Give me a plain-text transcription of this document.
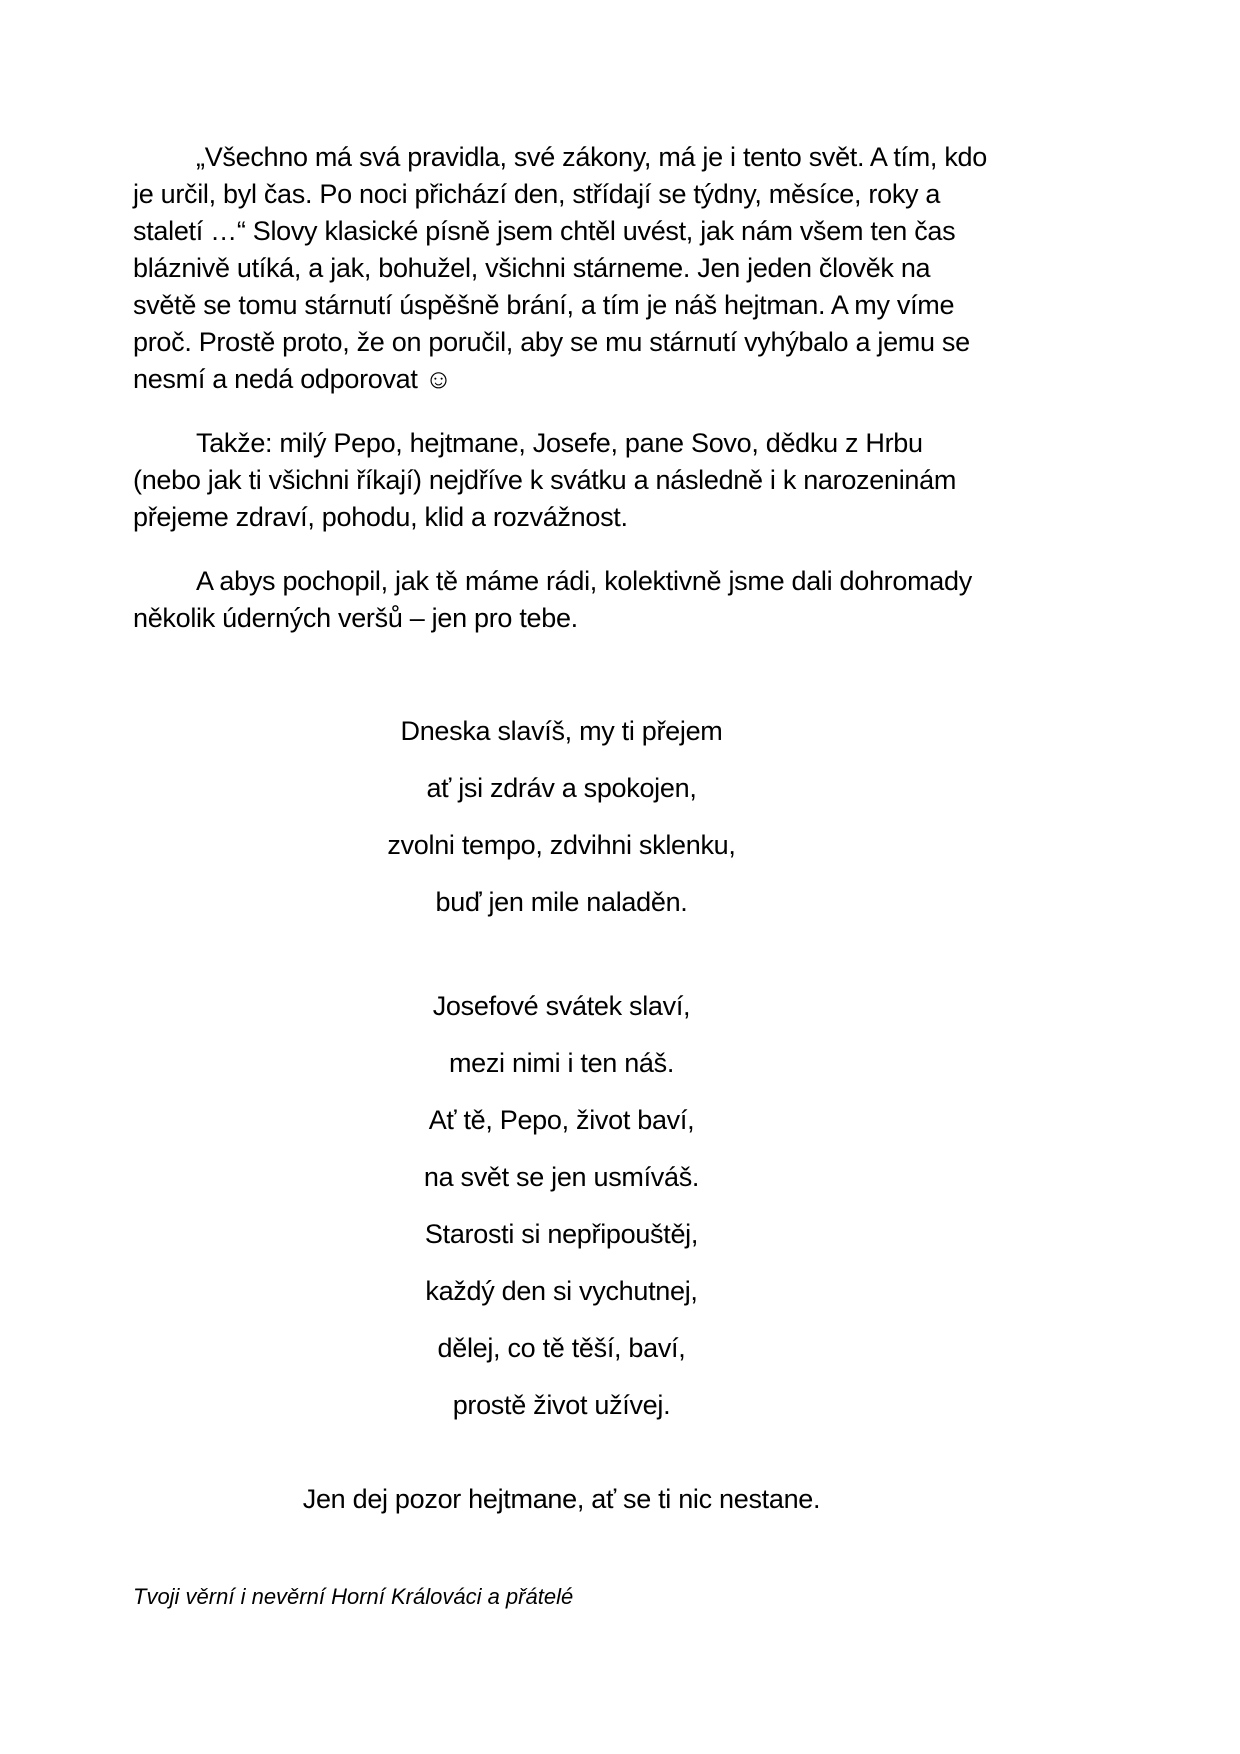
„Všechno má svá pravidla, své zákony, má je i tento svět. A tím, kdo je určil, byl čas. Po noci přichází den, střídají se týdny, měsíce, roky a staletí …“ Slovy klasické písně jsem chtěl uvést, jak nám všem ten čas bláznivě utíká, a jak, bohužel, všichni stárneme. Jen jeden člověk na světě se tomu stárnutí úspěšně brání, a tím je náš hejtman. A my víme proč. Prostě proto, že on poručil, aby se mu stárnutí vyhýbalo a jemu se nesmí a nedá odporovat ☺

Takže: milý Pepo, hejtmane, Josefe, pane Sovo, dědku z Hrbu (nebo jak ti všichni říkají) nejdříve k svátku a následně i k narozeninám přejeme zdraví, pohodu, klid a rozvážnost.

A abys pochopil, jak tě máme rádi, kolektivně jsme dali dohromady několik úderných veršů – jen pro tebe.

Dneska slavíš, my ti přejem

ať jsi zdráv a spokojen,

zvolni tempo, zdvihni sklenku,

buď jen mile naladěn.

Josefové svátek slaví,

mezi nimi i ten náš.

Ať tě, Pepo, život baví,

na svět se jen usmíváš.

Starosti si nepřipouštěj,

každý den si vychutnej,

dělej, co tě těší, baví,

prostě život užívej.

Jen dej pozor hejtmane, ať se ti nic nestane.

Tvoji věrní i nevěrní Horní Králováci a přátelé
